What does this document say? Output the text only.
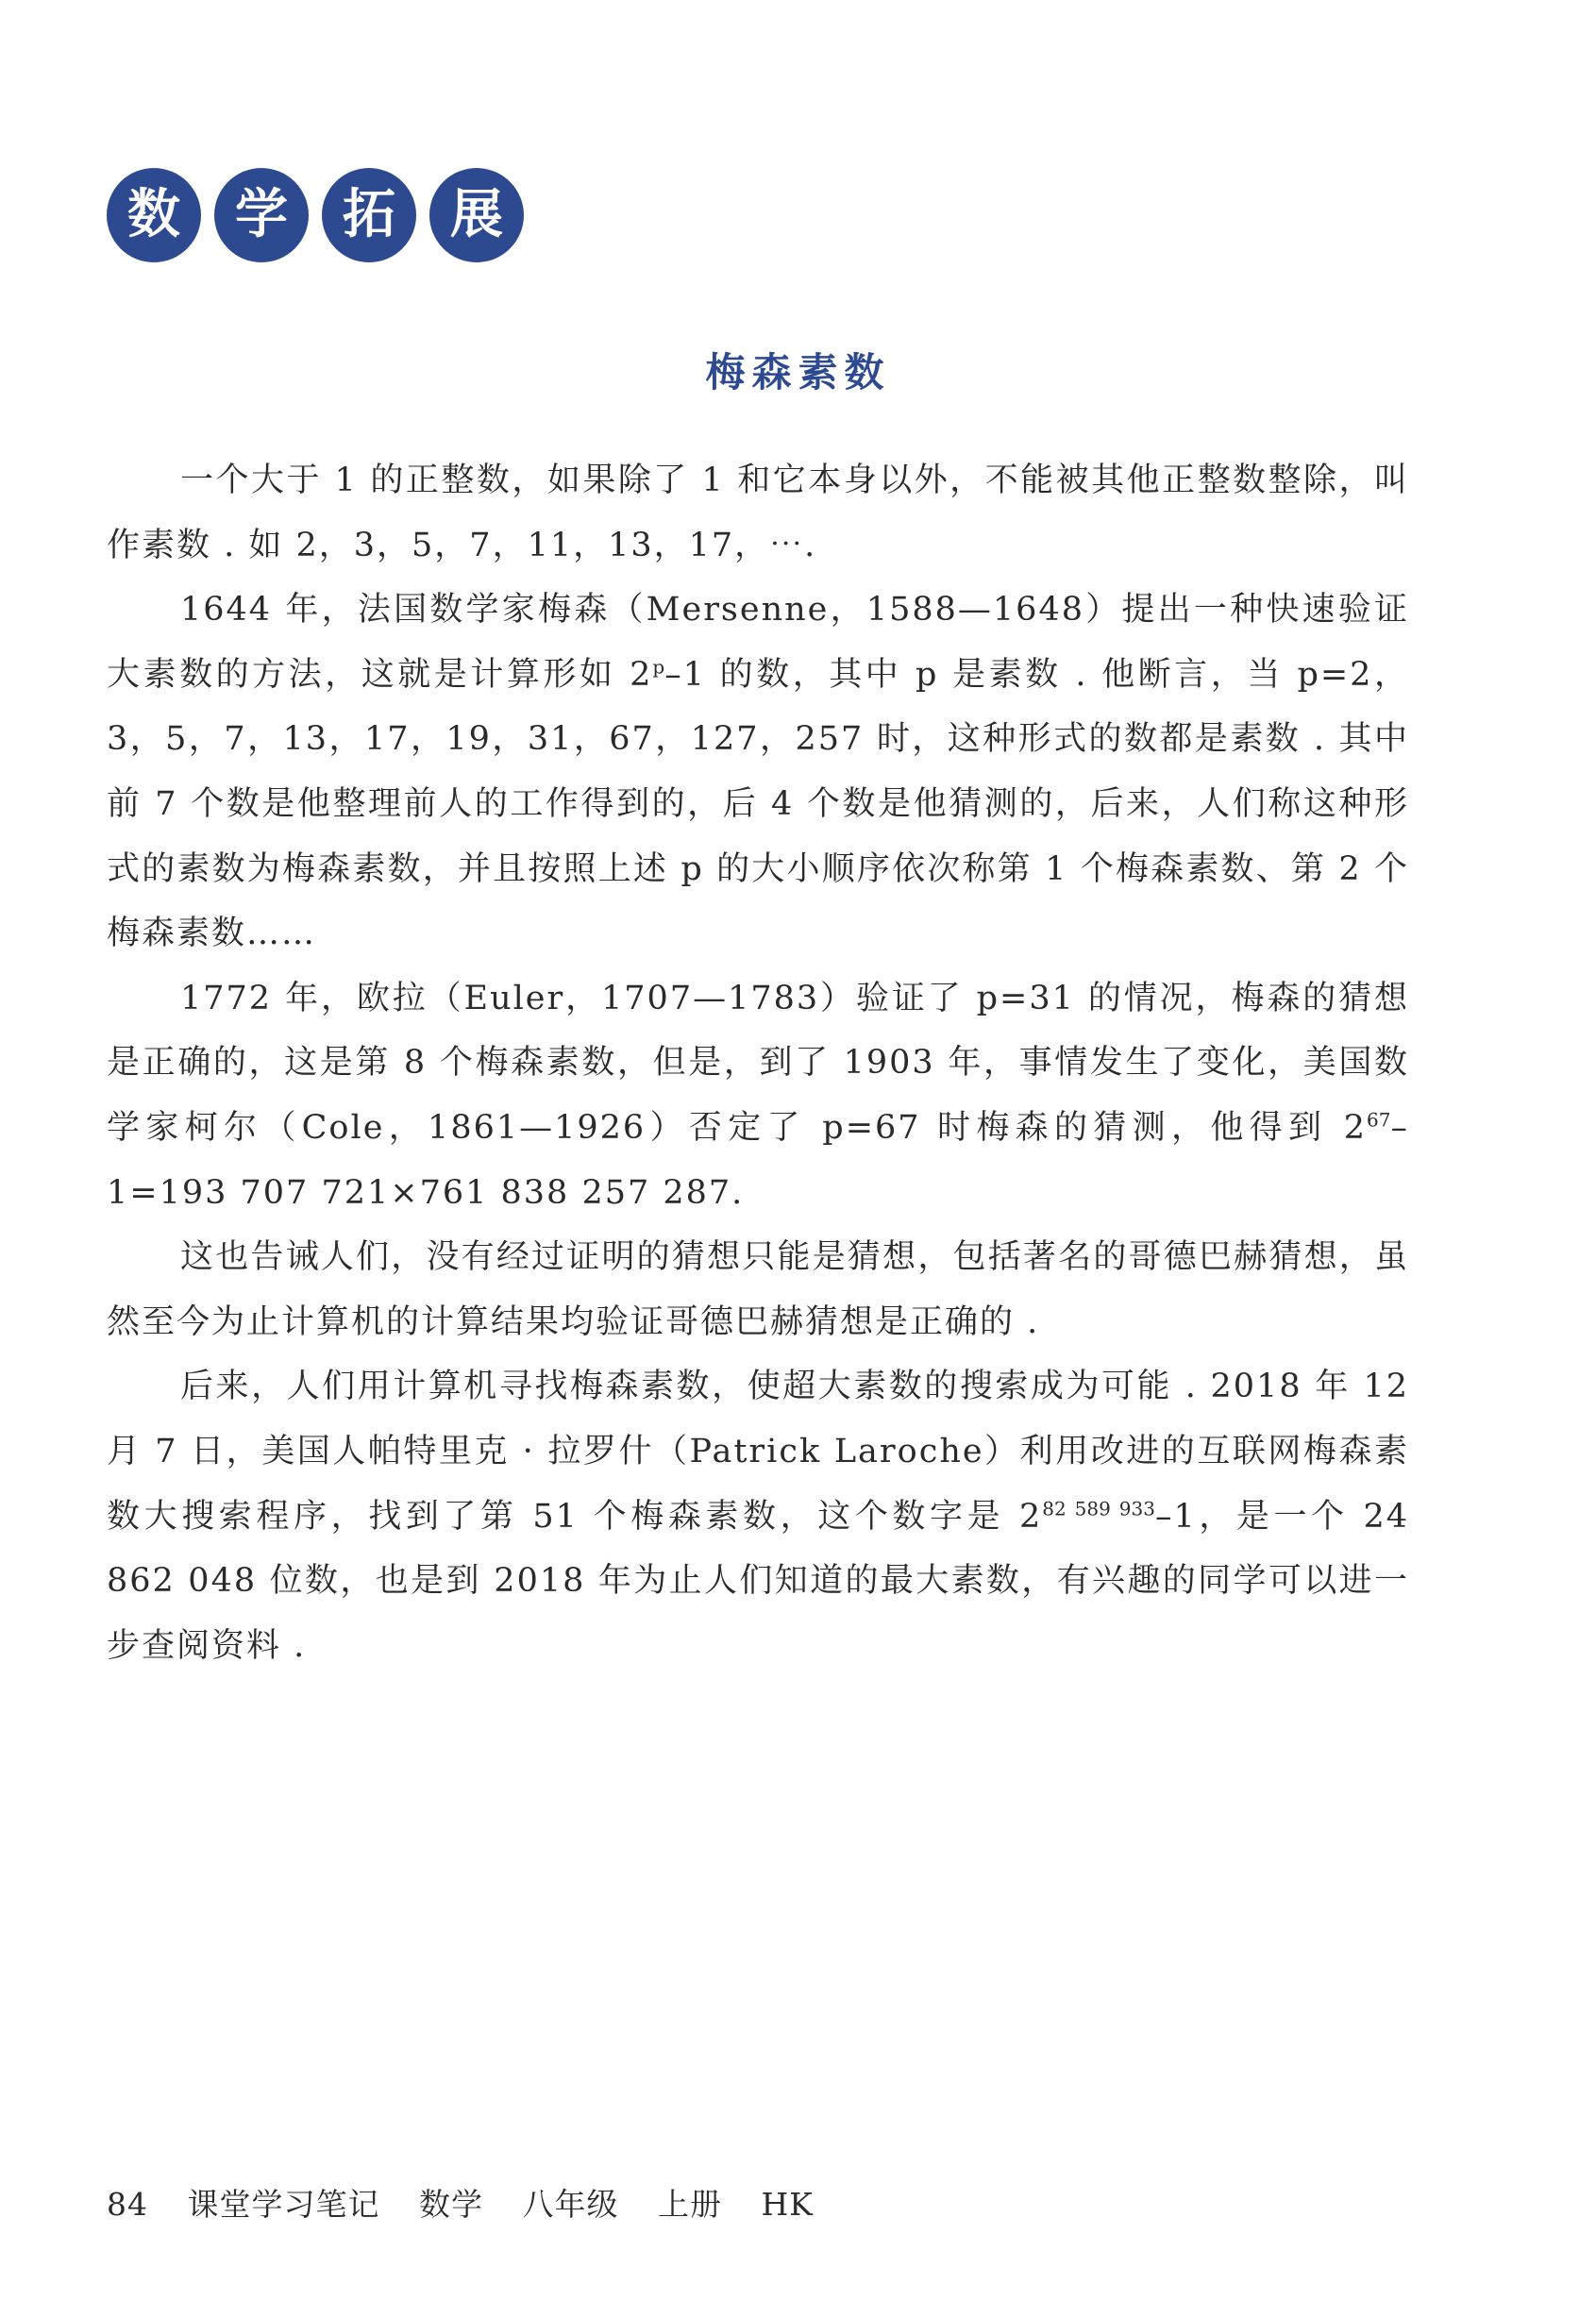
数	学	拓	展
梅森素数

一个大于 1 的正整数，如果除了 1 和它本身以外，不能被其他正整数整除，叫作素数 . 如 2，3，5，7，11，13，17，⋯.

1644 年，法国数学家梅森（Mersenne，1588—1648）提出一种快速验证大素数的方法，这就是计算形如 2$^p$–1 的数，其中 p 是素数 . 他断言，当 p=2，3，5，7，13，17，19，31，67，127，257 时，这种形式的数都是素数 . 其中前 7 个数是他整理前人的工作得到的，后 4 个数是他猜测的，后来，人们称这种形式的素数为梅森素数，并且按照上述 p 的大小顺序依次称第 1 个梅森素数、第 2 个梅森素数……

1772 年，欧拉（Euler，1707—1783）验证了 p=31 的情况，梅森的猜想是正确的，这是第 8 个梅森素数，但是，到了 1903 年，事情发生了变化，美国数学家柯尔（Cole，1861—1926）否定了 p=67 时梅森的猜测，他得到 $2^{67}-1=193$ 707 721×761 838 257 287.

这也告诫人们，没有经过证明的猜想只能是猜想，包括著名的哥德巴赫猜想，虽然至今为止计算机的计算结果均验证哥德巴赫猜想是正确的 .

后来，人们用计算机寻找梅森素数，使超大素数的搜索成为可能 . 2018 年 12 月 7 日，美国人帕特里克 · 拉罗什（Patrick Laroche）利用改进的互联网梅森素数大搜索程序，找到了第 51 个梅森素数，这个数字是 $2^{82 589 933}-1$，是一个 24 862 048 位数，也是到 2018 年为止人们知道的最大素数，有兴趣的同学可以进一步查阅资料 .

84 课堂学习笔记 数学 八年级 上册 HK
